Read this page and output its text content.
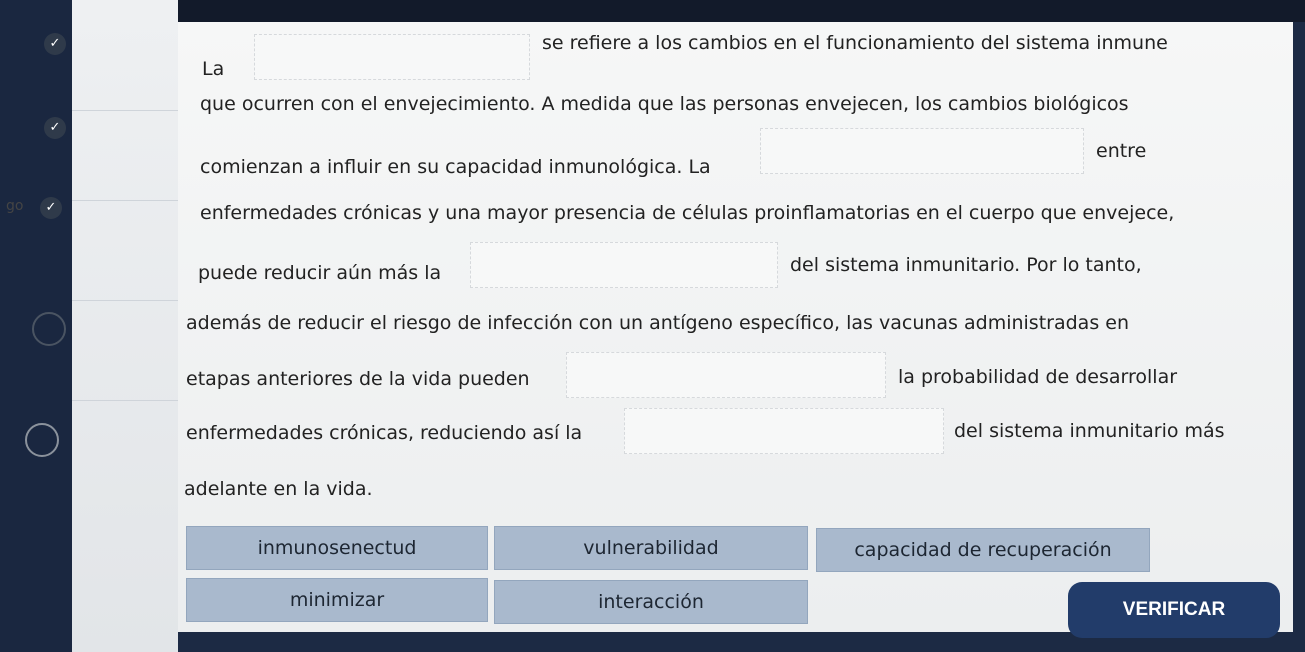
go
✓
✓
✓
La
se refiere a los cambios en el funcionamiento del sistema inmune
que ocurren con el envejecimiento. A medida que las personas envejecen, los cambios biológicos
comienzan a influir en su capacidad inmunológica. La
entre
enfermedades crónicas y una mayor presencia de células proinflamatorias en el cuerpo que envejece,
puede reducir aún más la	del sistema inmunitario. Por lo tanto,
además de reducir el riesgo de infección con un antígeno específico, las vacunas administradas en
etapas anteriores de la vida pueden	la probabilidad de desarrollar
enfermedades crónicas, reduciendo así la	del sistema inmunitario más
adelante en la vida.
inmunosenectud	vulnerabilidad	capacidad de recuperación
minimizar	interacción	VERIFICAR
